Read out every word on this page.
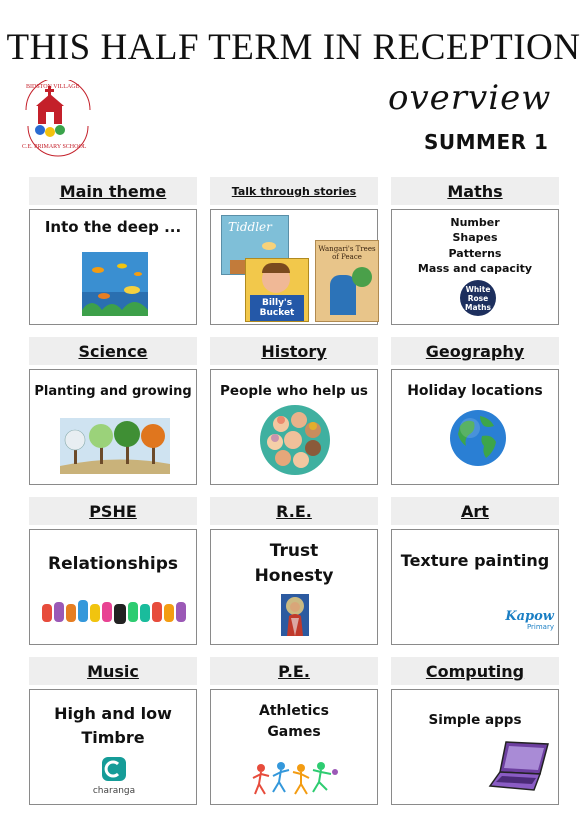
THIS HALF TERM IN RECEPTION
overview
SUMMER 1
BIDSTON VILLAGE
C.E. PRIMARY SCHOOL
Main theme	Talk through stories	Maths
Into the deep ...	Tiddler
Wangari's Trees of Peace
Billy's Bucket
Number
Shapes
Patterns
Mass and capacity
White
Rose
Maths
Science	History	Geography
Planting and growing	People who help us	Holiday locations
PSHE	R.E.	Art
Relationships
Trust
Honesty
Texture painting
Kapow
Primary
Music	P.E.	Computing
High and low
Timbre
charanga
Athletics
Games
Simple apps
